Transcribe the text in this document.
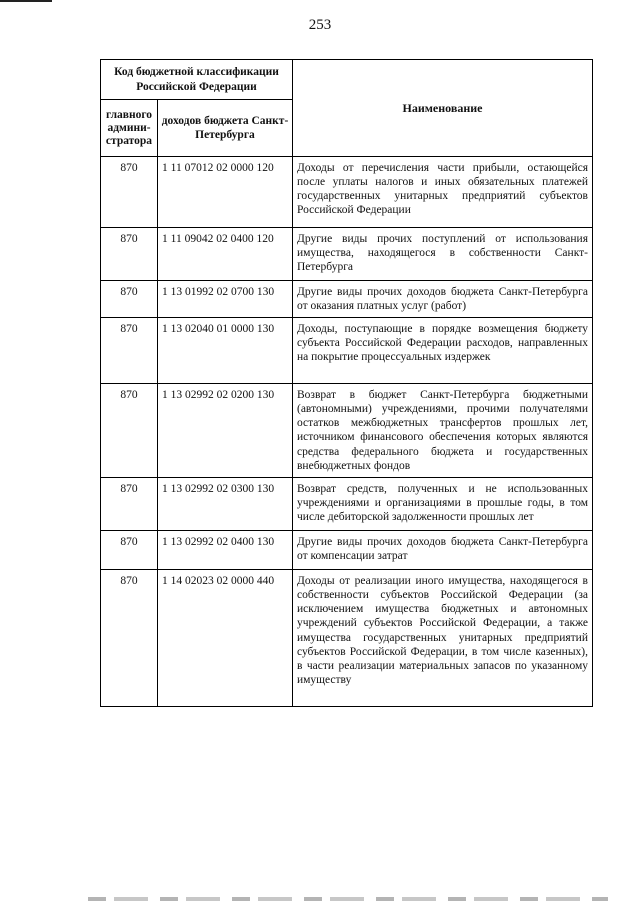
253
Код бюджетной классификации Российской Федерации		Наименование
главного админи-стратора	доходов бюджета Санкт-Петербурга	
870	1 11 07012 02 0000 120	Доходы от перечисления части прибыли, остающейся после уплаты налогов и иных обязательных платежей государственных унитарных предприятий субъектов Российской Федерации
870	1 11 09042 02 0400 120	Другие виды прочих поступлений от использования имущества, находящегося в собственности Санкт-Петербурга
870	1 13 01992 02 0700 130	Другие виды прочих доходов бюджета Санкт-Петербурга от оказания платных услуг (работ)
870	1 13 02040 01 0000 130	Доходы, поступающие в порядке возмещения бюджету субъекта Российской Федерации расходов, направленных на покрытие процессуальных издержек
870	1 13 02992 02 0200 130	Возврат в бюджет Санкт-Петербурга бюджетными (автономными) учреждениями, прочими получателями остатков межбюджетных трансфертов прошлых лет, источником финансового обеспечения которых являются средства федерального бюджета и государственных внебюджетных фондов
870	1 13 02992 02 0300 130	Возврат средств, полученных и не использованных учреждениями и организациями в прошлые годы, в том числе дебиторской задолженности прошлых лет
870	1 13 02992 02 0400 130	Другие виды прочих доходов бюджета Санкт-Петербурга от компенсации затрат
870	1 14 02023 02 0000 440	Доходы от реализации иного имущества, находящегося в собственности субъектов Российской Федерации (за исключением имущества бюджетных и автономных учреждений субъектов Российской Федерации, а также имущества государственных унитарных предприятий субъектов Российской Федерации, в том числе казенных), в части реализации материальных запасов по указанному имуществу
